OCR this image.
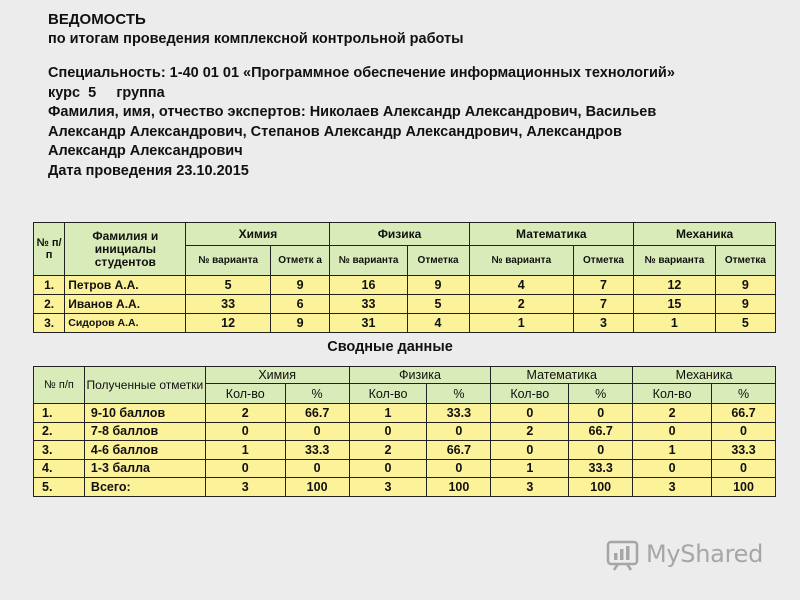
ВЕДОМОСТЬ
по итогам проведения комплексной контрольной работы
Специальность: 1-40 01 01 «Программное обеспечение информационных технологий»
курс 5 группа
Фамилия, имя, отчество экспертов: Николаев Александр Александрович, Васильев
Александр Александрович, Степанов Александр Александрович, Александров
Александр Александрович
Дата проведения 23.10.2015
№ п/ п	Фамилия и инициалы студентов	Химия		Физика		Математика		Механика	
		№ варианта	Отметк а	№ варианта	Отметка	№ варианта	Отметка	№ варианта	Отметка
1.	Петров А.А.	5	9	16	9	4	7	12	9
2.	Иванов А.А.	33	6	33	5	2	7	15	9
3.	Сидоров А.А.	12	9	31	4	1	3	1	5
Сводные данные
№ п/п	Полученные отметки	Химия		Физика		Математика		Механика	
		Кол-во	%	Кол-во	%	Кол-во	%	Кол-во	%
1.	9-10 баллов	2	66.7	1	33.3	0	0	2	66.7
2.	7-8 баллов	0	0	0	0	2	66.7	0	0
3.	4-6 баллов	1	33.3	2	66.7	0	0	1	33.3
4.	1-3 балла	0	0	0	0	1	33.3	0	0
5.	Всего:	3	100	3	100	3	100	3	100
MyShared
